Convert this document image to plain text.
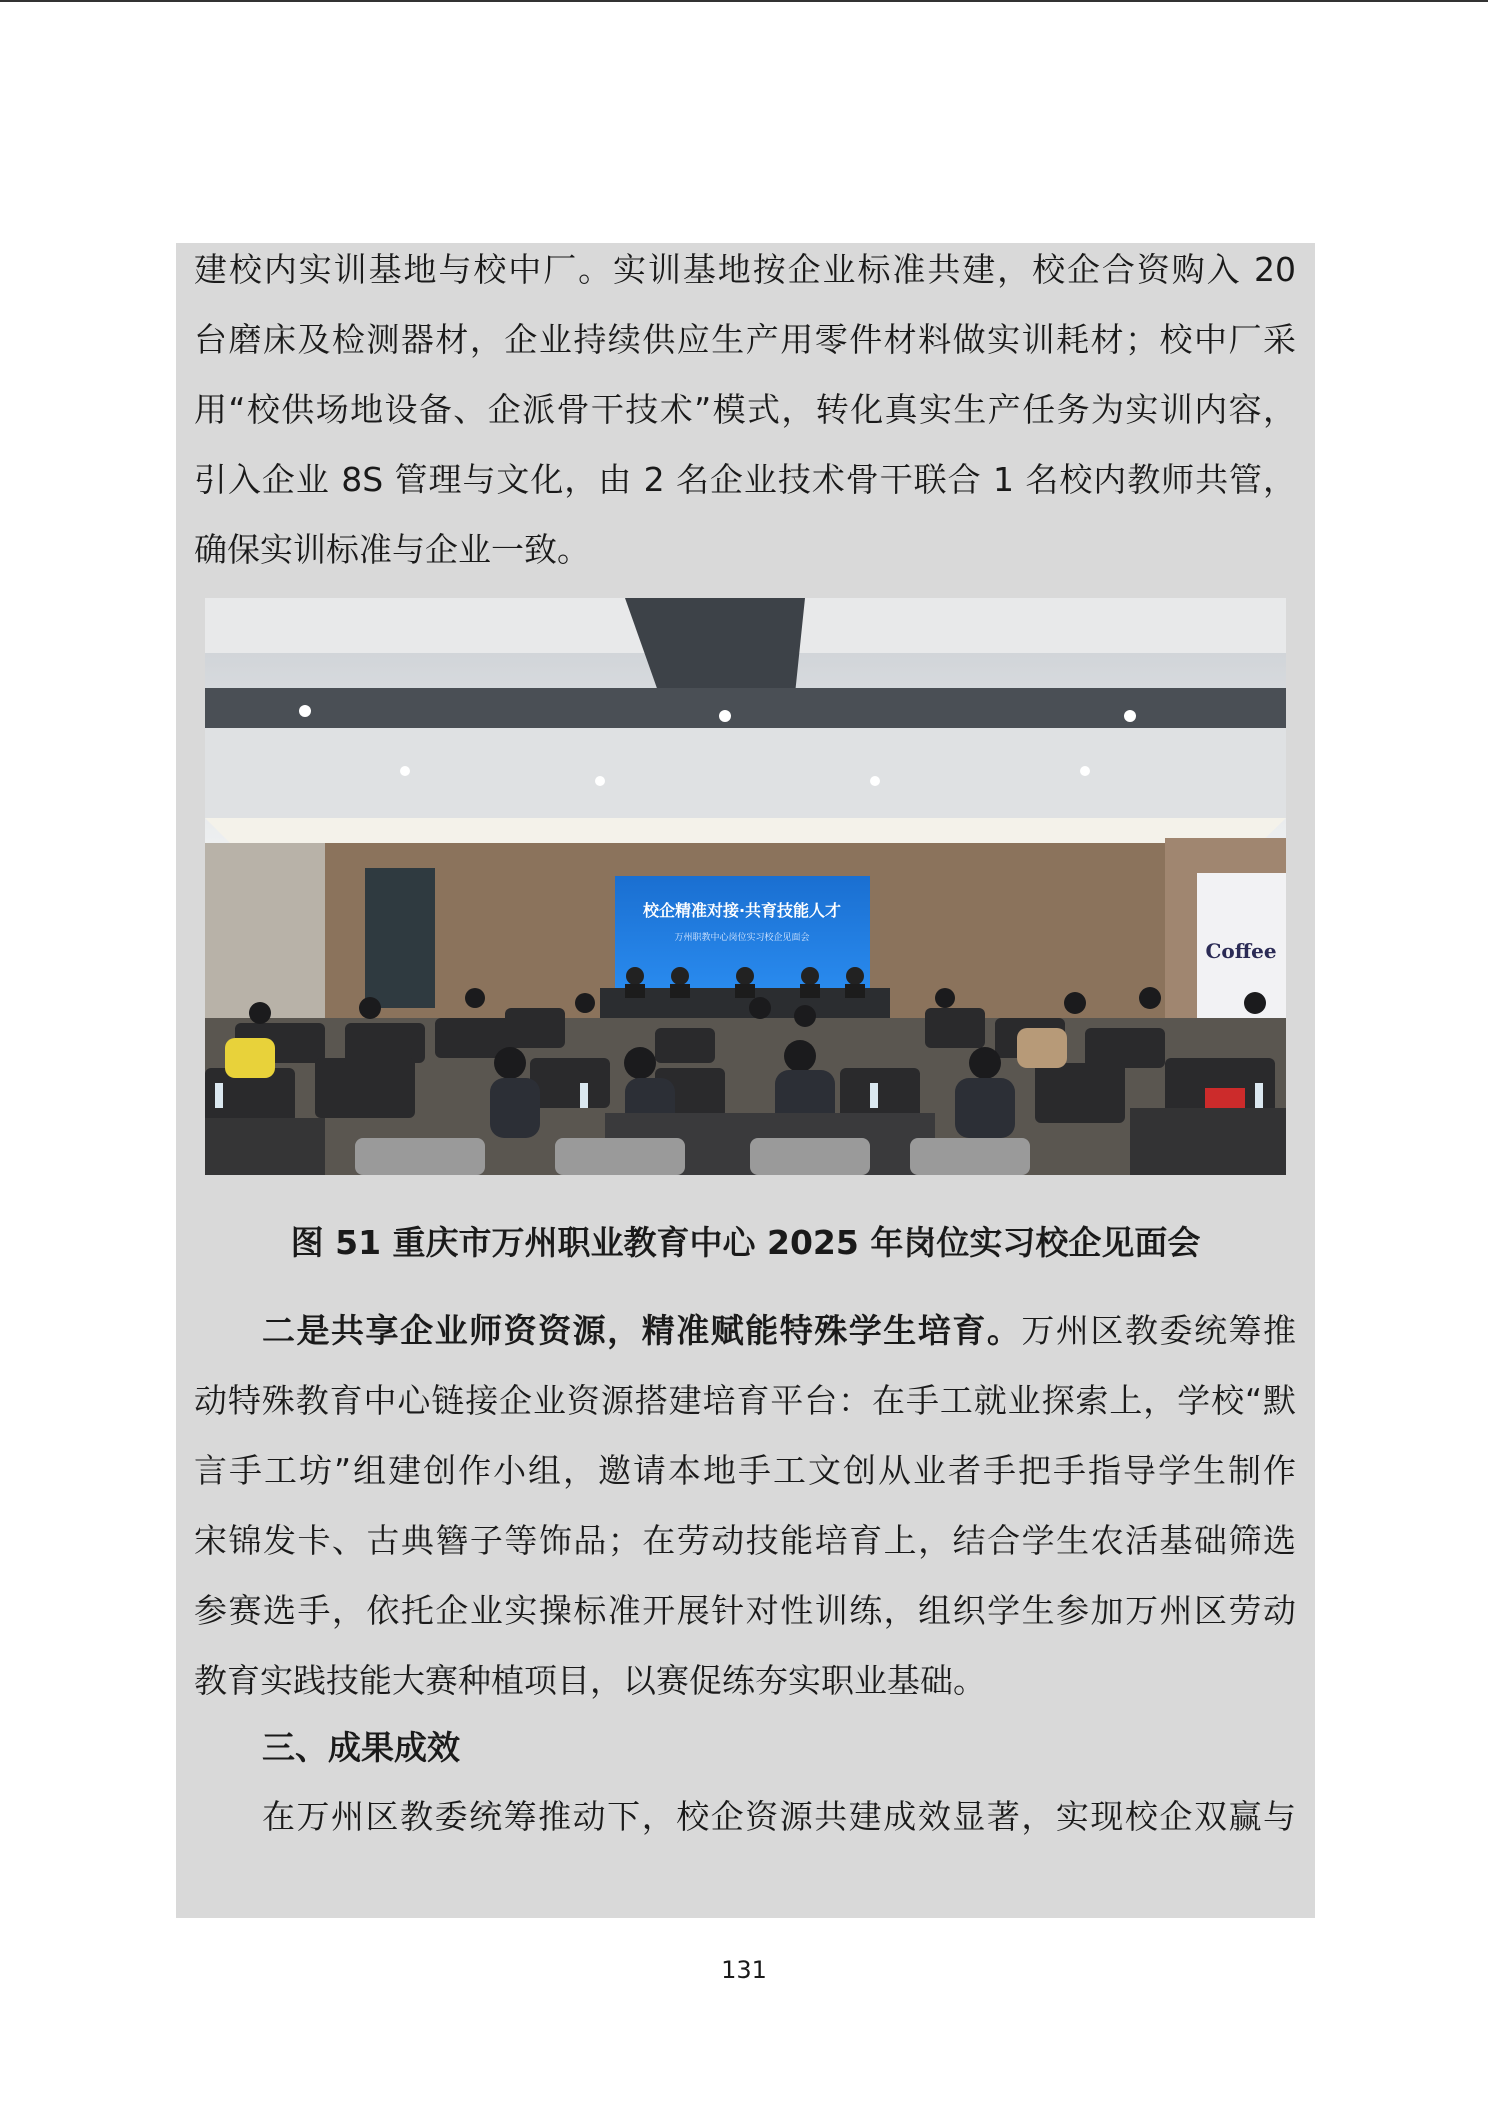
建校内实训基地与校中厂。实训基地按企业标准共建，校企合资购入 20
台磨床及检测器材，企业持续供应生产用零件材料做实训耗材；校中厂采
用“校供场地设备、企派骨干技术”模式，转化真实生产任务为实训内容，
引入企业 8S 管理与文化，由 2 名企业技术骨干联合 1 名校内教师共管，
确保实训标准与企业一致。
校企精准对接·共育技能人才
万州职教中心岗位实习校企见面会
Coffee
图 51 重庆市万州职业教育中心 2025 年岗位实习校企见面会
二是共享企业师资资源，精准赋能特殊学生培育。万州区教委统筹推
动特殊教育中心链接企业资源搭建培育平台：在手工就业探索上，学校“默
言手工坊”组建创作小组，邀请本地手工文创从业者手把手指导学生制作
宋锦发卡、古典簪子等饰品；在劳动技能培育上，结合学生农活基础筛选
参赛选手，依托企业实操标准开展针对性训练，组织学生参加万州区劳动
教育实践技能大赛种植项目，以赛促练夯实职业基础。
三、成果成效
在万州区教委统筹推动下，校企资源共建成效显著，实现校企双赢与
131
